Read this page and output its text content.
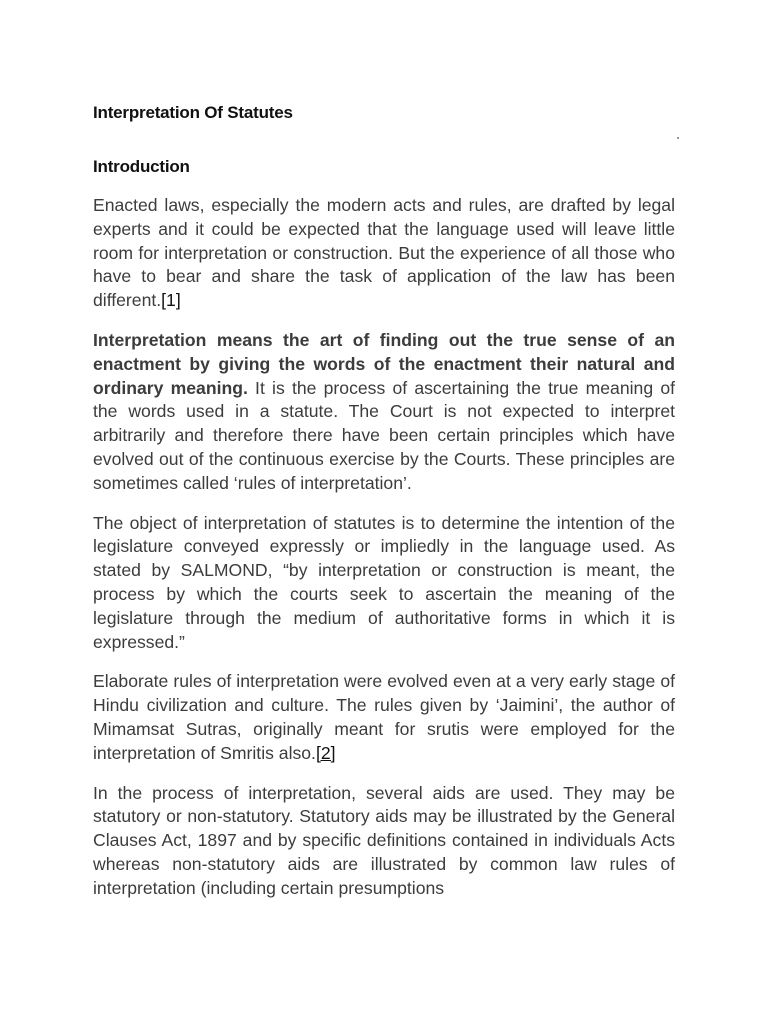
Interpretation Of Statutes
Introduction

Enacted laws, especially the modern acts and rules, are drafted by legal experts and it could be expected that the language used will leave little room for interpretation or construction. But the experience of all those who have to bear and share the task of application of the law has been different.[1]

Interpretation means the art of finding out the true sense of an enactment by giving the words of the enactment their natural and ordinary meaning. It is the process of ascertaining the true meaning of the words used in a statute. The Court is not expected to interpret arbitrarily and therefore there have been certain principles which have evolved out of the continuous exercise by the Courts. These principles are sometimes called ‘rules of interpretation’.

The object of interpretation of statutes is to determine the intention of the legislature conveyed expressly or impliedly in the language used. As stated by SALMOND, “by interpretation or construction is meant, the process by which the courts seek to ascertain the meaning of the legislature through the medium of authoritative forms in which it is expressed.”

Elaborate rules of interpretation were evolved even at a very early stage of Hindu civilization and culture. The rules given by ‘Jaimini’, the author of Mimamsat Sutras, originally meant for srutis were employed for the interpretation of Smritis also.[2]

In the process of interpretation, several aids are used. They may be statutory or non-statutory. Statutory aids may be illustrated by the General Clauses Act, 1897 and by specific definitions contained in individuals Acts whereas non-statutory aids are illustrated by common law rules of interpretation (including certain presumptions
